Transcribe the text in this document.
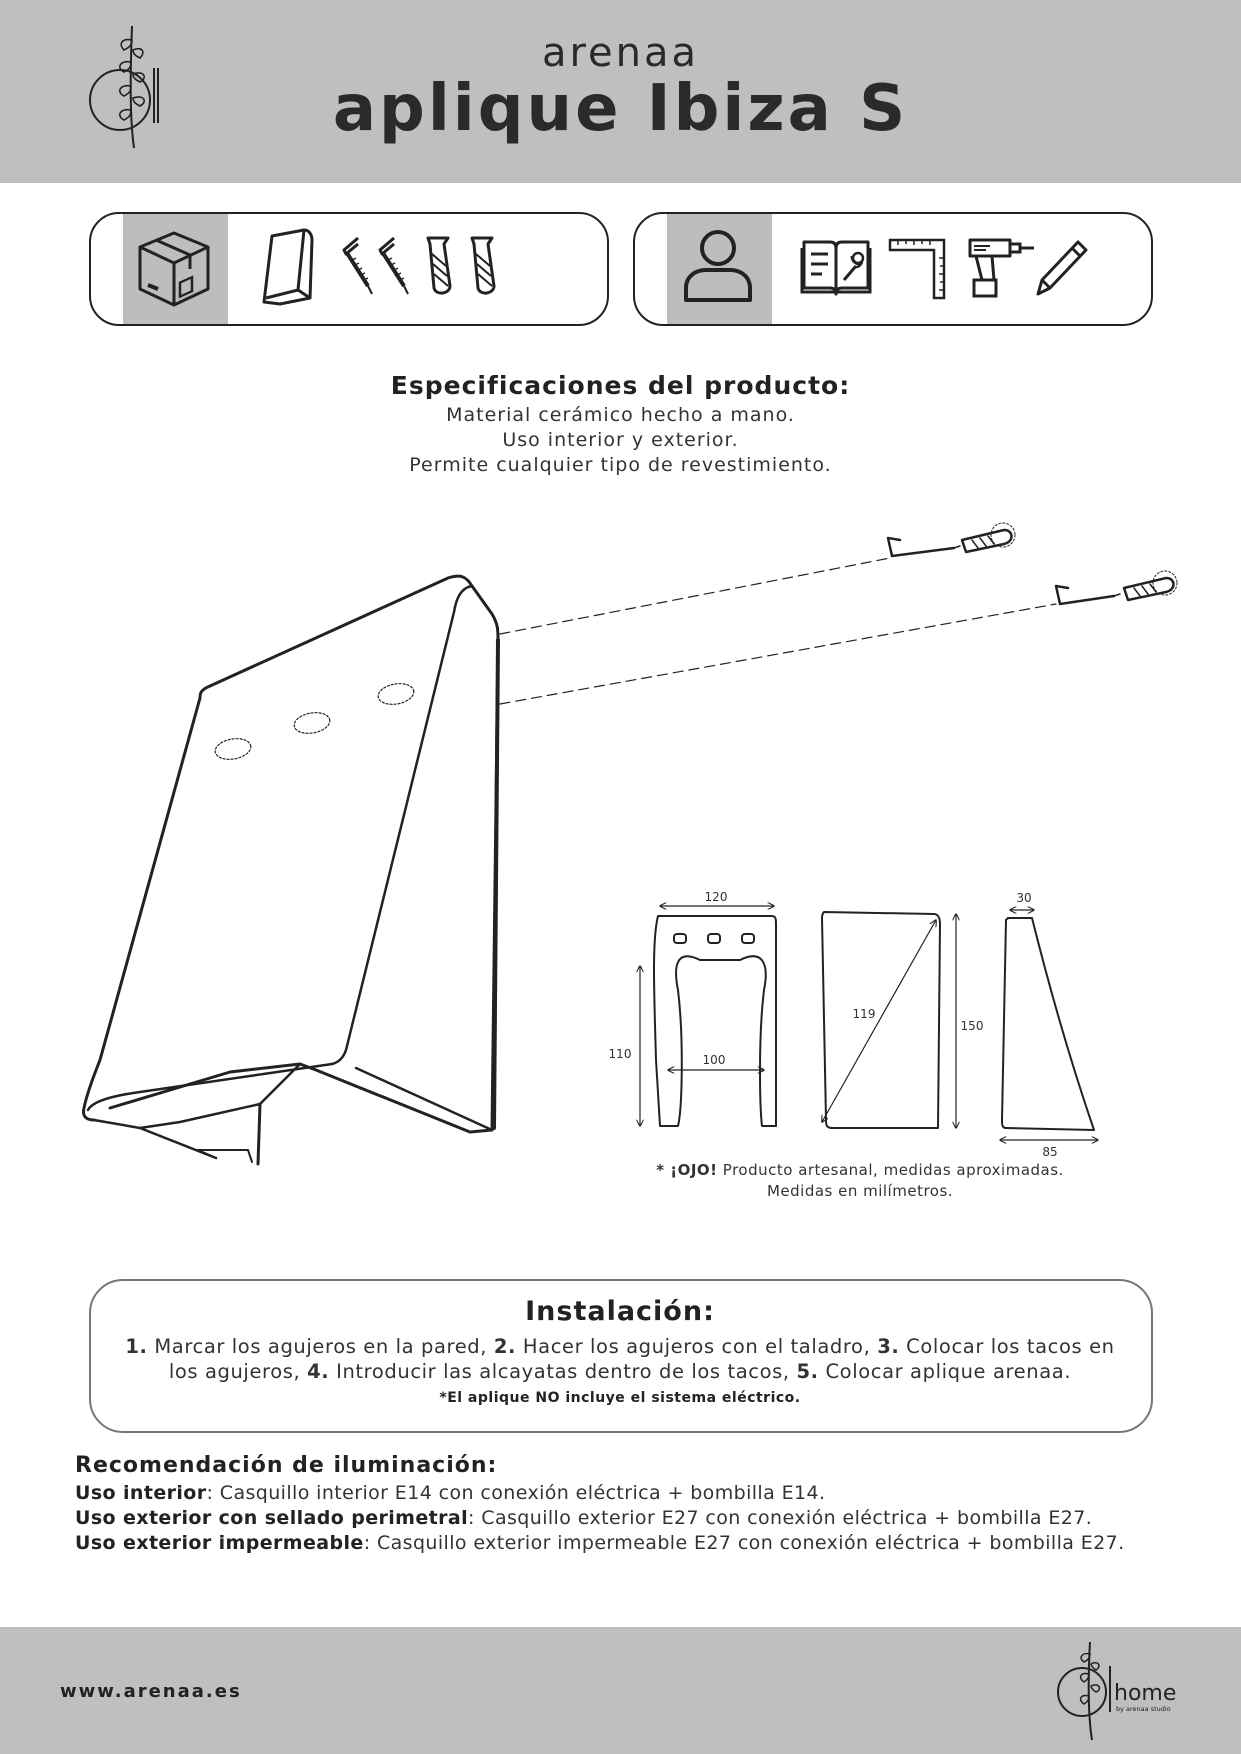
arenaa
aplique Ibiza S
Especificaciones del producto:
Material cerámico hecho a mano.
Uso interior y exterior.
Permite cualquier tipo de revestimiento.
120
110	100
119
150
30
85
* ¡OJO! Producto artesanal, medidas aproximadas.
Medidas en milímetros.
Instalación:
1. Marcar los agujeros en la pared, 2. Hacer los agujeros con el taladro, 3. Colocar los tacos en los agujeros, 4. Introducir las alcayatas dentro de los tacos, 5. Colocar aplique arenaa.
*El aplique NO incluye el sistema eléctrico.
Recomendación de iluminación:
Uso interior: Casquillo interior E14 con conexión eléctrica + bombilla E14.
Uso exterior con sellado perimetral: Casquillo exterior E27 con conexión eléctrica + bombilla E27.
Uso exterior impermeable: Casquillo exterior impermeable E27 con conexión eléctrica + bombilla E27.
www.arenaa.es	home
by arenaa studio
